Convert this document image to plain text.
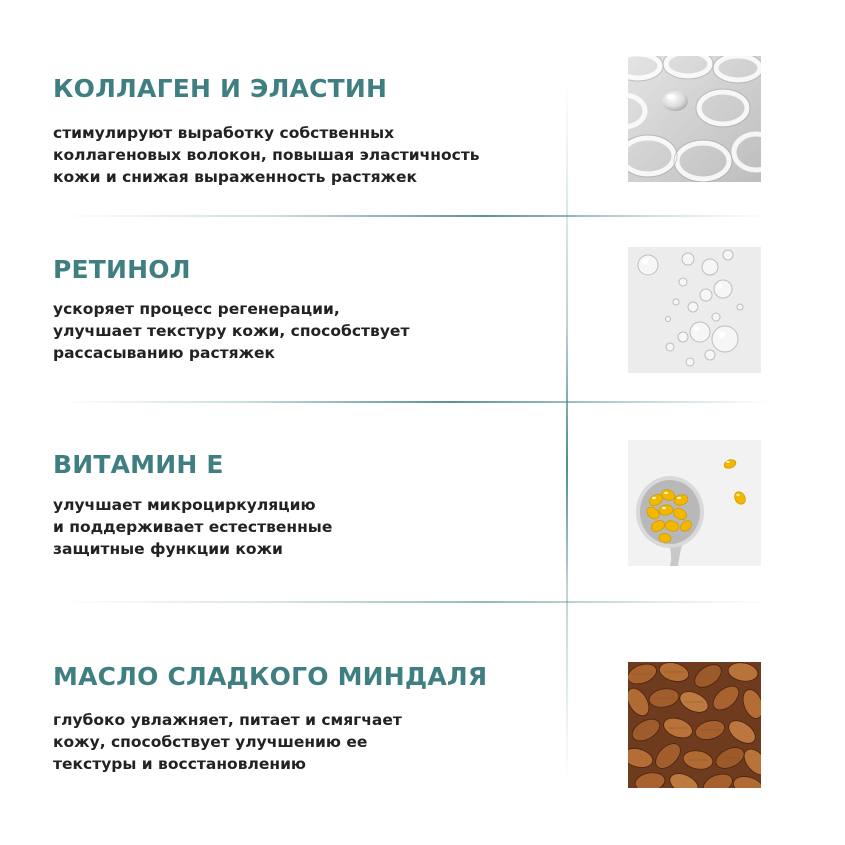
КОЛЛАГЕН И ЭЛАСТИН

стимулируют выработку собственных
коллагеновых волокон, повышая эластичность
кожи и снижая выраженность растяжек

РЕТИНОЛ

ускоряет процесс регенерации,
улучшает текстуру кожи, способствует
рассасыванию растяжек

ВИТАМИН Е

улучшает микроциркуляцию
и поддерживает естественные
защитные функции кожи

МАСЛО СЛАДКОГО МИНДАЛЯ

глубоко увлажняет, питает и смягчает
кожу, способствует улучшению ее
текстуры и восстановлению
